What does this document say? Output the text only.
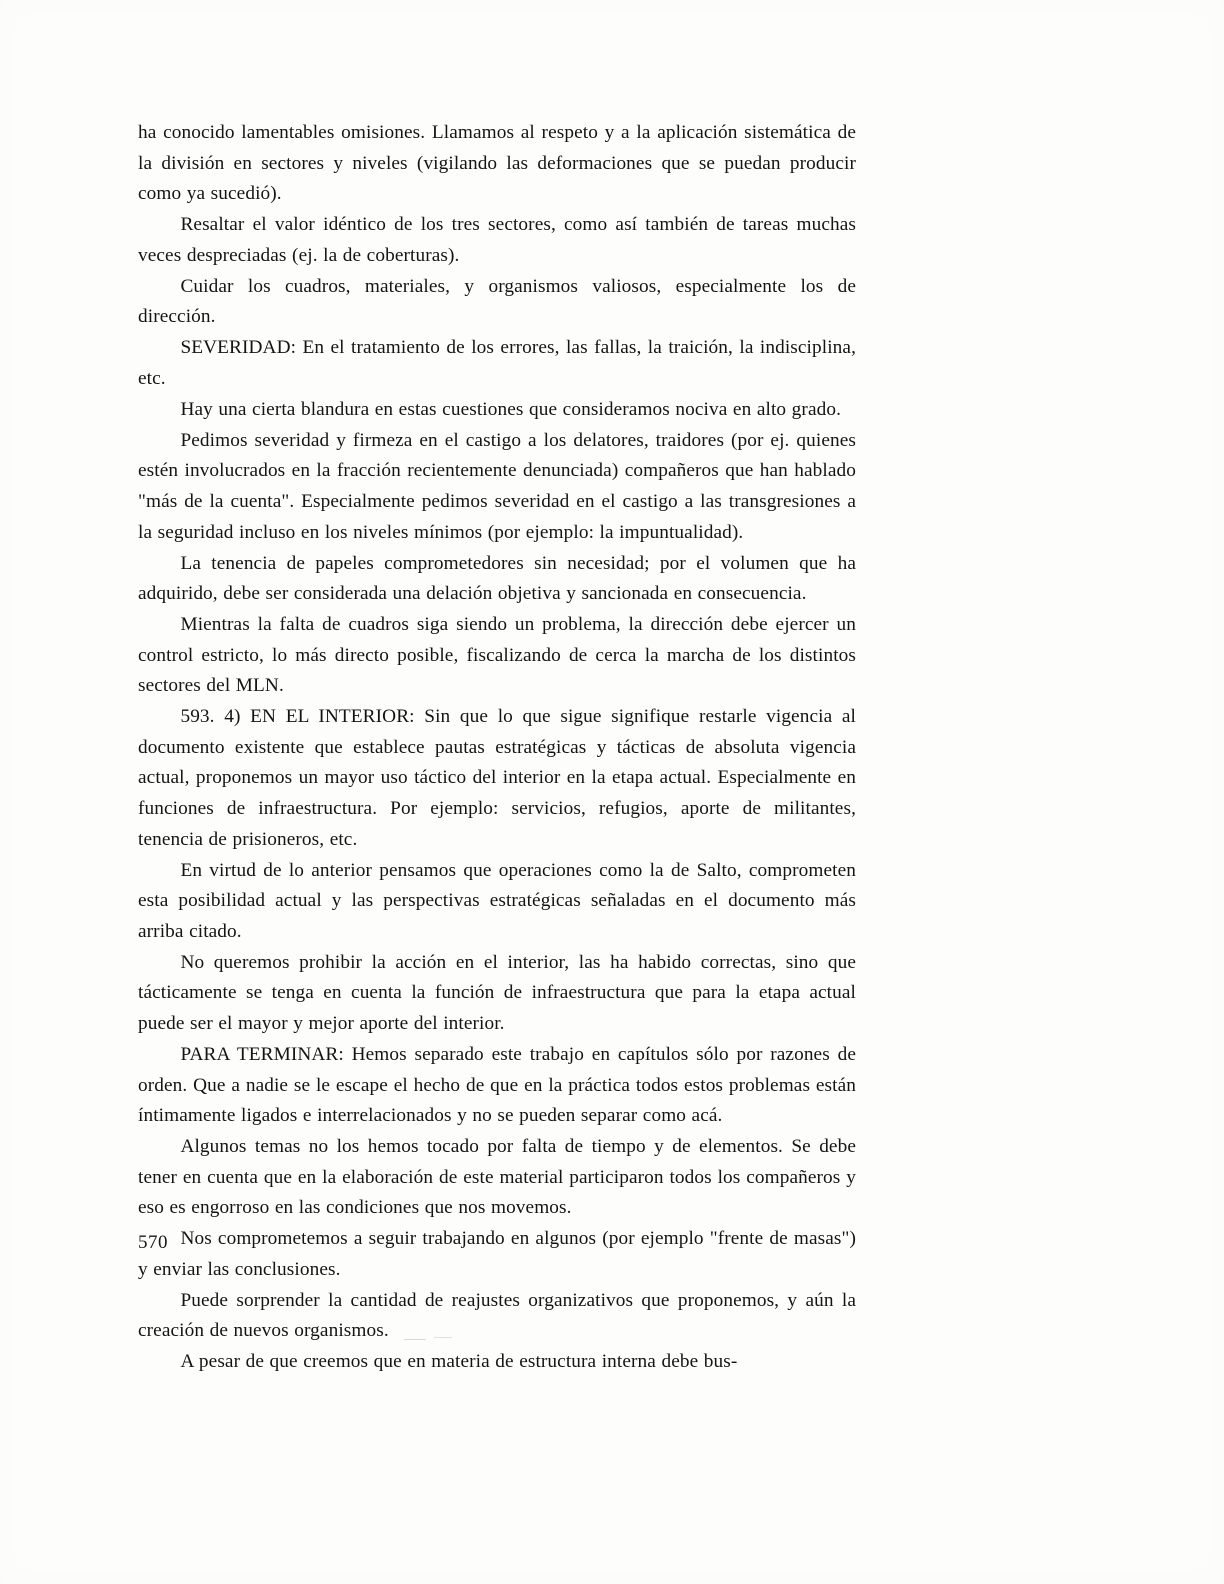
ha conocido lamentables omisiones. Llamamos al respeto y a la aplicación sistemática de la división en sectores y niveles (vigilando las deformaciones que se puedan producir como ya sucedió).

Resaltar el valor idéntico de los tres sectores, como así también de tareas muchas veces despreciadas (ej. la de coberturas).

Cuidar los cuadros, materiales, y organismos valiosos, especialmente los de dirección.

SEVERIDAD: En el tratamiento de los errores, las fallas, la traición, la indisciplina, etc.

Hay una cierta blandura en estas cuestiones que consideramos nociva en alto grado.

Pedimos severidad y firmeza en el castigo a los delatores, traidores (por ej. quienes estén involucrados en la fracción recientemente denunciada) compañeros que han hablado "más de la cuenta". Especialmente pedimos severidad en el castigo a las transgresiones a la seguridad incluso en los niveles mínimos (por ejemplo: la impuntualidad).

La tenencia de papeles comprometedores sin necesidad; por el volumen que ha adquirido, debe ser considerada una delación objetiva y sancionada en consecuencia.

Mientras la falta de cuadros siga siendo un problema, la dirección debe ejercer un control estricto, lo más directo posible, fiscalizando de cerca la marcha de los distintos sectores del MLN.

593. 4) EN EL INTERIOR: Sin que lo que sigue signifique restarle vigencia al documento existente que establece pautas estratégicas y tácticas de absoluta vigencia actual, proponemos un mayor uso táctico del interior en la etapa actual. Especialmente en funciones de infraestructura. Por ejemplo: servicios, refugios, aporte de militantes, tenencia de prisioneros, etc.

En virtud de lo anterior pensamos que operaciones como la de Salto, comprometen esta posibilidad actual y las perspectivas estratégicas señaladas en el documento más arriba citado.

No queremos prohibir la acción en el interior, las ha habido correctas, sino que tácticamente se tenga en cuenta la función de infraestructura que para la etapa actual puede ser el mayor y mejor aporte del interior.

PARA TERMINAR: Hemos separado este trabajo en capítulos sólo por razones de orden. Que a nadie se le escape el hecho de que en la práctica todos estos problemas están íntimamente ligados e interrelacionados y no se pueden separar como acá.

Algunos temas no los hemos tocado por falta de tiempo y de elementos. Se debe tener en cuenta que en la elaboración de este material participaron todos los compañeros y eso es engorroso en las condiciones que nos movemos.

Nos comprometemos a seguir trabajando en algunos (por ejemplo "frente de masas") y enviar las conclusiones.

Puede sorprender la cantidad de reajustes organizativos que proponemos, y aún la creación de nuevos organismos.

A pesar de que creemos que en materia de estructura interna debe bus-

570
